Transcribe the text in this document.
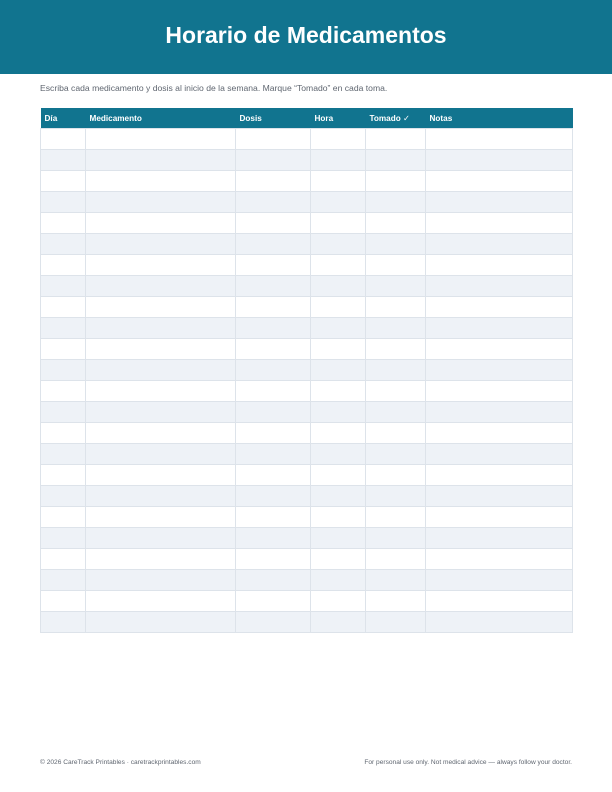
Horario de Medicamentos
Escriba cada medicamento y dosis al inicio de la semana. Marque “Tomado” en cada toma.
Día	Medicamento	Dosis	Hora	Tomado ✓	Notas

© 2026 CareTrack Printables · caretrackprintables.com	For personal use only. Not medical advice — always follow your doctor.
